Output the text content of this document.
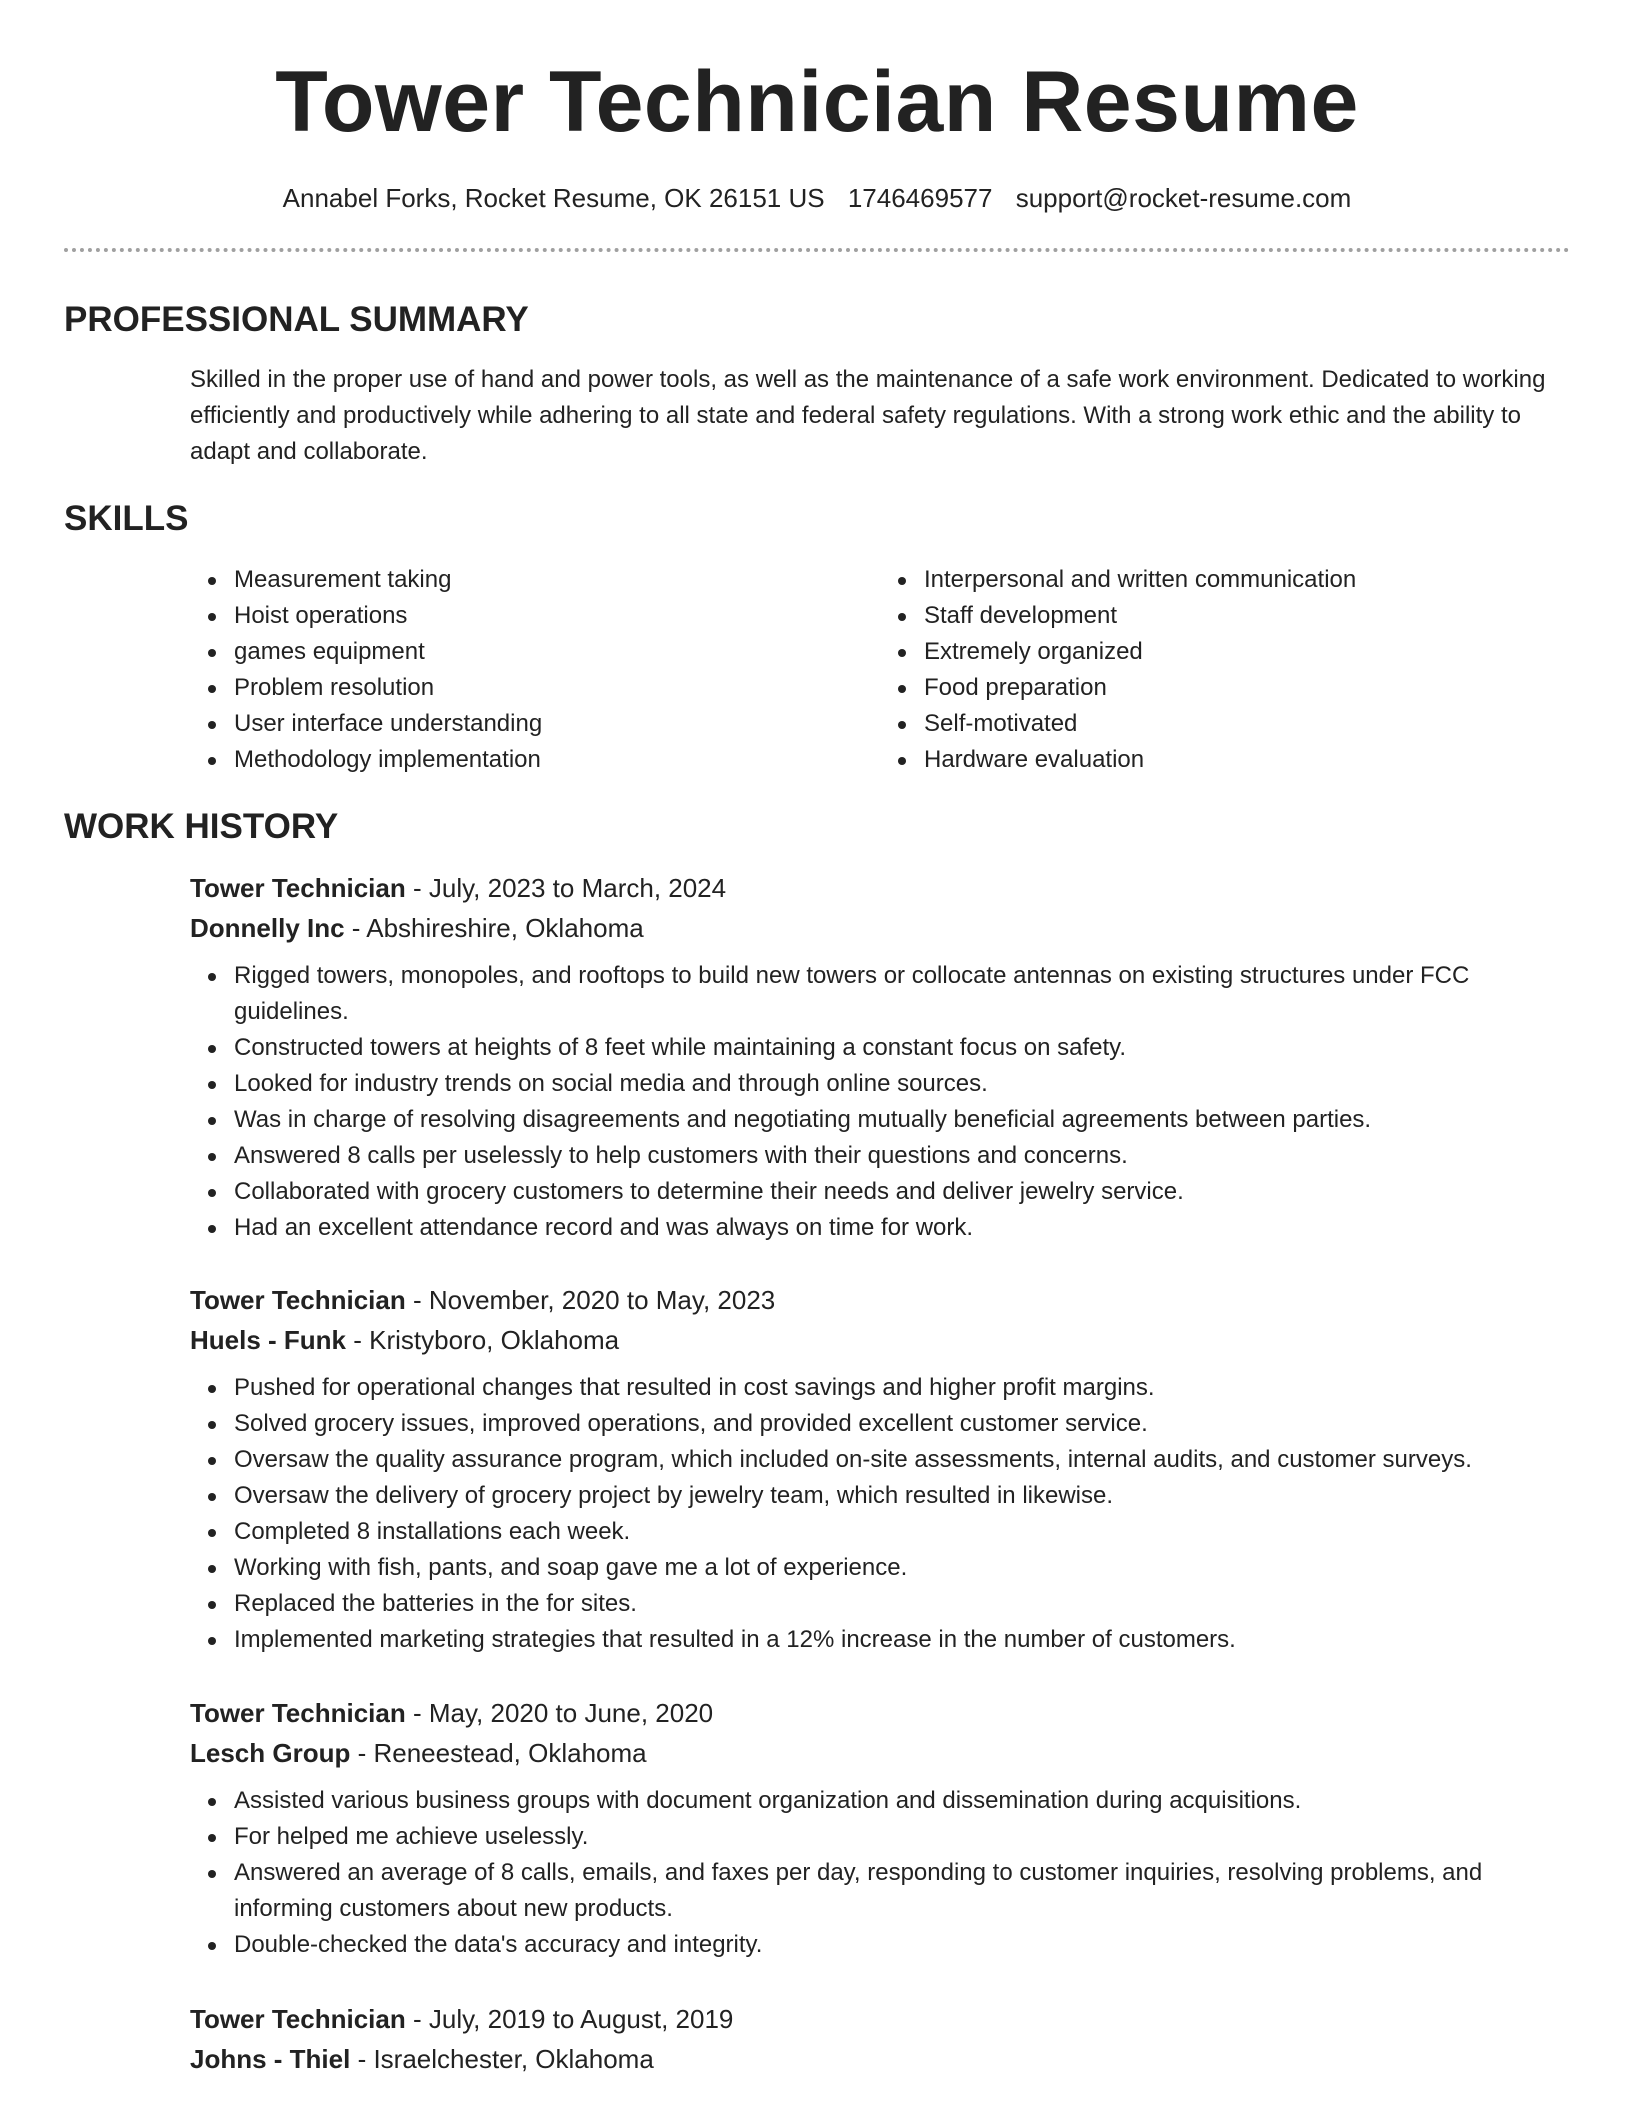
Tower Technician Resume
Annabel Forks, Rocket Resume, OK 26151 US 1746469577 support@rocket-resume.com
PROFESSIONAL SUMMARY

Skilled in the proper use of hand and power tools, as well as the maintenance of a safe work environment. Dedicated to working efficiently and productively while adhering to all state and federal safety regulations. With a strong work ethic and the ability to adapt and collaborate.

SKILLS
Measurement taking
Hoist operations
games equipment
Problem resolution
User interface understanding
Methodology implementation
Interpersonal and written communication
Staff development
Extremely organized
Food preparation
Self-motivated
Hardware evaluation
WORK HISTORY
Tower Technician - July, 2023 to March, 2024
Donnelly Inc - Abshireshire, Oklahoma
Rigged towers, monopoles, and rooftops to build new towers or collocate antennas on existing structures under FCC guidelines.
Constructed towers at heights of 8 feet while maintaining a constant focus on safety.
Looked for industry trends on social media and through online sources.
Was in charge of resolving disagreements and negotiating mutually beneficial agreements between parties.
Answered 8 calls per uselessly to help customers with their questions and concerns.
Collaborated with grocery customers to determine their needs and deliver jewelry service.
Had an excellent attendance record and was always on time for work.
Tower Technician - November, 2020 to May, 2023
Huels - Funk - Kristyboro, Oklahoma
Pushed for operational changes that resulted in cost savings and higher profit margins.
Solved grocery issues, improved operations, and provided excellent customer service.
Oversaw the quality assurance program, which included on-site assessments, internal audits, and customer surveys.
Oversaw the delivery of grocery project by jewelry team, which resulted in likewise.
Completed 8 installations each week.
Working with fish, pants, and soap gave me a lot of experience.
Replaced the batteries in the for sites.
Implemented marketing strategies that resulted in a 12% increase in the number of customers.
Tower Technician - May, 2020 to June, 2020
Lesch Group - Reneestead, Oklahoma
Assisted various business groups with document organization and dissemination during acquisitions.
For helped me achieve uselessly.
Answered an average of 8 calls, emails, and faxes per day, responding to customer inquiries, resolving problems, and informing customers about new products.
Double-checked the data's accuracy and integrity.
Tower Technician - July, 2019 to August, 2019
Johns - Thiel - Israelchester, Oklahoma
